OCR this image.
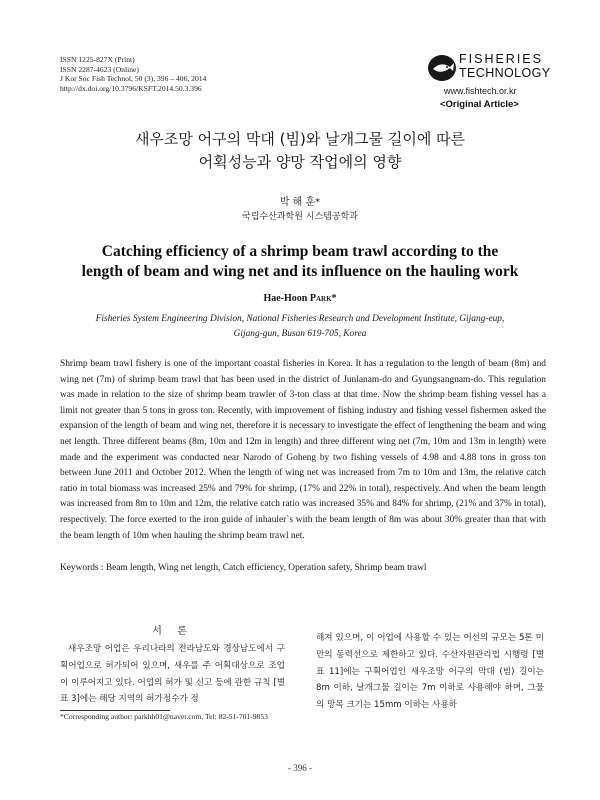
ISSN 1225-827X (Print)
ISSN 2287-4623 (Online)
J Kor Soc Fish Technol, 50 (3), 396 – 406, 2014
http://dx.doi.org/10.3796/KSFT.2014.50.3.396
FISHERIES
TECHNOLOGY
www.fishtech.or.kr
<Original Article>
새우조망 어구의 막대 (빔)와 날개그물 길이에 따른
어획성능과 양망 작업에의 영향
박 해 훈*
국립수산과학원 시스템공학과
Catching efficiency of a shrimp beam trawl according to the
length of beam and wing net and its influence on the hauling work
Hae-Hoon Park*
Fisheries System Engineering Division, National Fisheries Research and Development Institute, Gijang-eup,
Gijang-gun, Busan 619-705, Korea

Shrimp beam trawl fishery is one of the important coastal fisheries in Korea. It has a regulation to the length of beam (8m) and wing net (7m) of shrimp beam trawl that has been used in the district of Junlanam-do and Gyungsangnam-do. This regulation was made in relation to the size of shrimp beam trawler of 3-ton class at that time. Now the shrimp beam fishing vessel has a limit not greater than 5 tons in gross ton. Recently, with improvement of fishing industry and fishing vessel fishermen asked the expansion of the length of beam and wing net, therefore it is necessary to investigate the effect of lengthening the beam and wing net length. Three different beams (8m, 10m and 12m in length) and three different wing net (7m, 10m and 13m in length) were made and the experiment was conducted near Narodo of Goheng by two fishing vessels of 4.98 and 4.88 tons in gross ton between June 2011 and October 2012. When the length of wing net was increased from 7m to 10m and 13m, the relative catch ratio in total biomass was increased 25% and 79% for shrimp, (17% and 22% in total), respectively. And when the beam length was increased from 8m to 10m and 12m, the relative catch ratio was increased 35% and 84% for shrimp, (21% and 37% in total), respectively. The force exerted to the iron guide of inhauler`s with the beam length of 8m was about 30% greater than that with the beam length of 10m when hauling the shrimp beam trawl net.

Keywords : Beam length, Wing net length, Catch efficiency, Operation safety, Shrimp beam trawl
서 론

새우조망 어업은 우리나라의 전라남도와 경상남도에서 구획어업으로 허가되어 있으며, 새우를 주 어획대상으로 조업이 이루어지고 있다. 어업의 허가 및 신고 등에 관한 규칙 [별표 3]에는 해당 지역의 허가정수가 정

해져 있으며, 이 어업에 사용할 수 있는 어선의 규모는 5톤 미만의 동력선으로 제한하고 있다. 수산자원관리법 시행령 [별표 11]에는 구획어업인 새우조망 어구의 막대 (빔) 길이는 8m 이하, 날개그물 길이는 7m 이하로 사용해야 하며, 그물의 망목 크기는 15mm 이하는 사용하

*Corresponding author: parkhh01@naver.com, Tel: 82-51-701-9853
- 396 -
